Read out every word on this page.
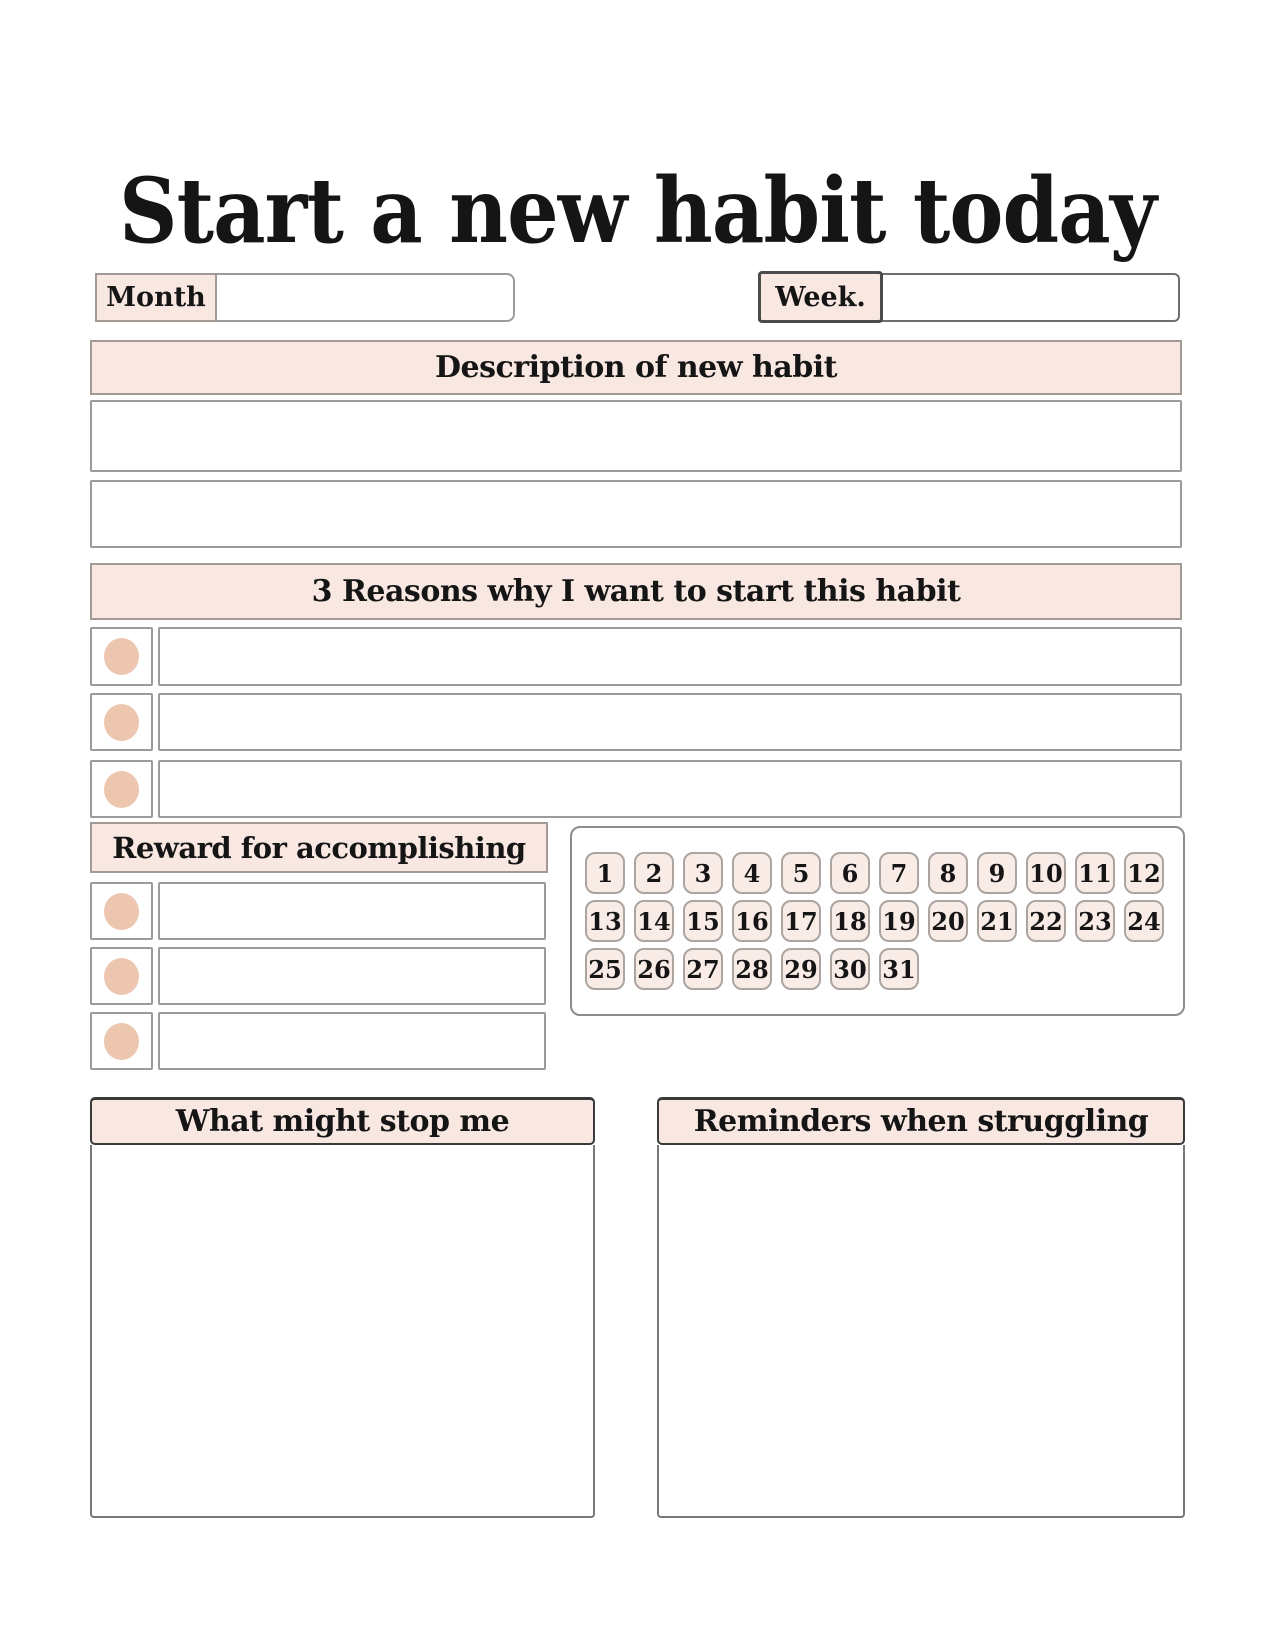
Start a new habit today
Month	Week.
Description of new habit
3 Reasons why I want to start this habit
Reward for accomplishing
1	2	3	4	5	6	7	8	9 10 11 12
13 14 15 16 17 18 19 20 21 22 23 24
25 26 27 28 29 30 31
What might stop me	Reminders when struggling
